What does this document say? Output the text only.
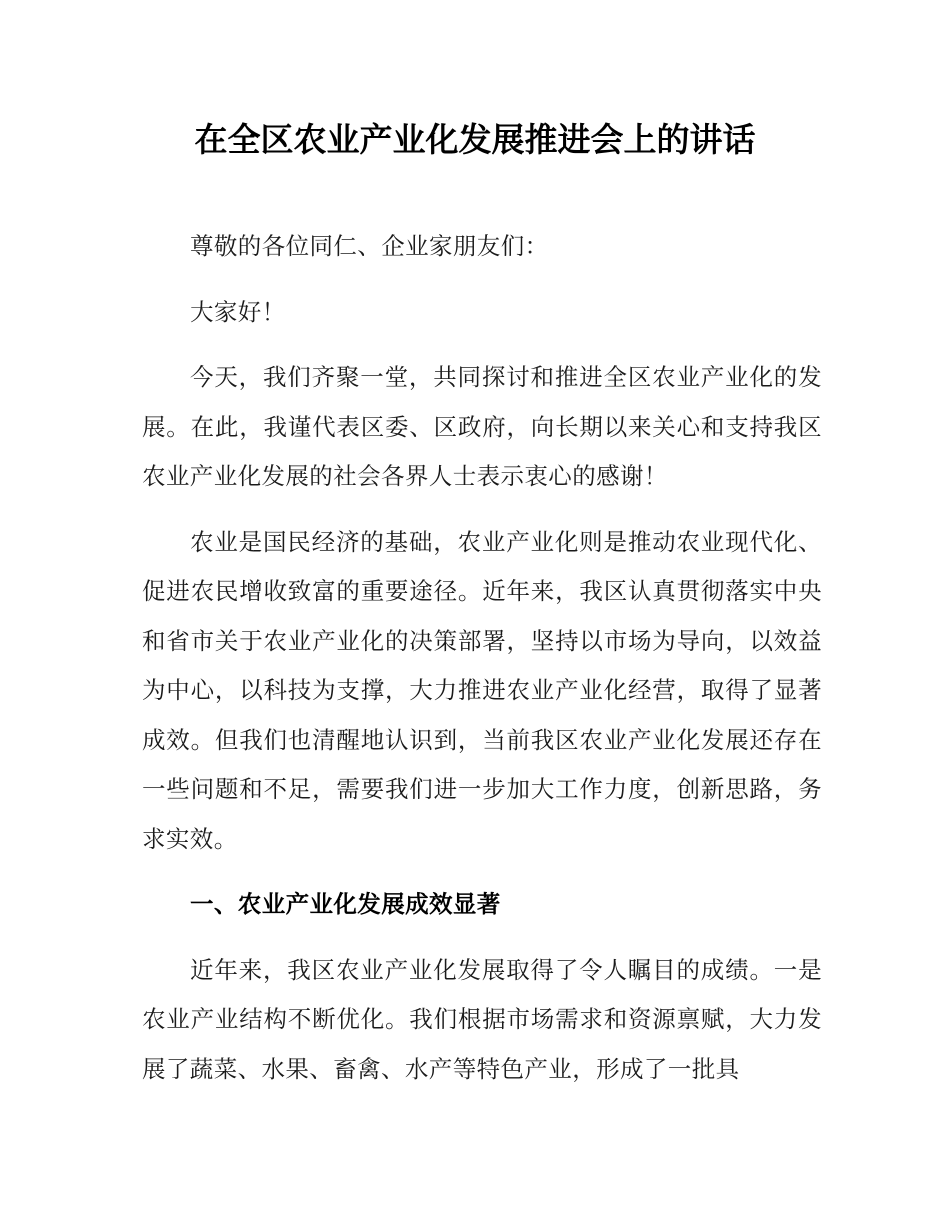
在全区农业产业化发展推进会上的讲话

尊敬的各位同仁、企业家朋友们：

大家好！

今天，我们齐聚一堂，共同探讨和推进全区农业产业化的发展。在此，我谨代表区委、区政府，向长期以来关心和支持我区农业产业化发展的社会各界人士表示衷心的感谢！

农业是国民经济的基础，农业产业化则是推动农业现代化、促进农民增收致富的重要途径。近年来，我区认真贯彻落实中央和省市关于农业产业化的决策部署，坚持以市场为导向，以效益为中心，以科技为支撑，大力推进农业产业化经营，取得了显著成效。但我们也清醒地认识到，当前我区农业产业化发展还存在一些问题和不足，需要我们进一步加大工作力度，创新思路，务求实效。

一、农业产业化发展成效显著

近年来，我区农业产业化发展取得了令人瞩目的成绩。一是农业产业结构不断优化。我们根据市场需求和资源禀赋，大力发展了蔬菜、水果、畜禽、水产等特色产业，形成了一批具
